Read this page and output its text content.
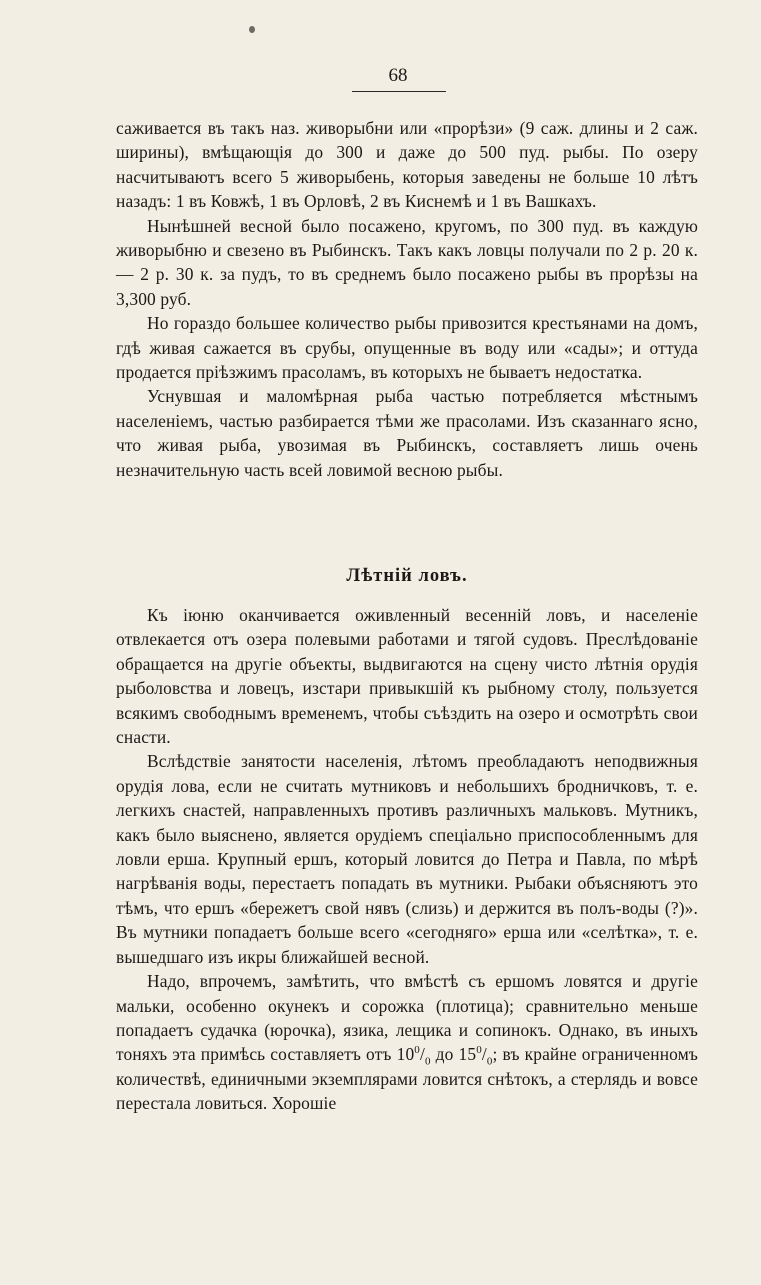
68

саживается въ такъ наз. живорыбни или «прорѣзи» (9 саж. длины и 2 саж. ширины), вмѣщающія до 300 и даже до 500 пуд. рыбы. По озеру насчитываютъ всего 5 живорыбень, которыя заведены не больше 10 лѣтъ назадъ: 1 въ Ковжѣ, 1 въ Орловѣ, 2 въ Киснемѣ и 1 въ Вашкахъ.

Нынѣшней весной было посажено, кругомъ, по 300 пуд. въ каждую живорыбню и свезено въ Рыбинскъ. Такъ какъ ловцы получали по 2 р. 20 к. — 2 р. 30 к. за пудъ, то въ среднемъ было посажено рыбы въ прорѣзы на 3,300 руб.

Но гораздо большее количество рыбы привозится крестьянами на домъ, гдѣ живая сажается въ срубы, опущенные въ воду или «сады»; и оттуда продается пріѣзжимъ прасоламъ, въ которыхъ не бываетъ недостатка.

Уснувшая и маломѣрная рыба частью потребляется мѣстнымъ населеніемъ, частью разбирается тѣми же прасолами. Изъ сказаннаго ясно, что живая рыба, увозимая въ Рыбинскъ, составляетъ лишь очень незначительную часть всей ловимой весною рыбы.

Лѣтній ловъ.

Къ іюню оканчивается оживленный весенній ловъ, и населеніе отвлекается отъ озера полевыми работами и тягой судовъ. Преслѣдованіе обращается на другіе объекты, выдвигаются на сцену чисто лѣтнія орудія рыболовства и ловецъ, изстари привыкшій къ рыбному столу, пользуется всякимъ свободнымъ временемъ, чтобы съѣздить на озеро и осмотрѣть свои снасти.

Вслѣдствіе занятости населенія, лѣтомъ преобладаютъ неподвижныя орудія лова, если не считать мутниковъ и небольшихъ бродничковъ, т. е. легкихъ снастей, направленныхъ противъ различныхъ мальковъ. Мутникъ, какъ было выяснено, является орудіемъ спеціально приспособленнымъ для ловли ерша. Крупный ершъ, который ловится до Петра и Павла, по мѣрѣ нагрѣванія воды, перестаетъ попадать въ мутники. Рыбаки объясняютъ это тѣмъ, что ершъ «бережетъ свой нявъ (слизь) и держится въ полъ-воды (?)». Въ мутники попадаетъ больше всего «сегодняго» ерша или «селѣтка», т. е. вышедшаго изъ икры ближайшей весной.

Надо, впрочемъ, замѣтить, что вмѣстѣ съ ершомъ ловятся и другіе мальки, особенно окунекъ и сорожка (плотица); сравнительно меньше попадаетъ судачка (юрочка), язика, лещика и сопинокъ. Однако, въ иныхъ тоняхъ эта примѣсь составляетъ отъ $10^0/_0$ до $15^0/_0$; въ крайне ограниченномъ количествѣ, единичными экземплярами ловится снѣтокъ, а стерлядь и вовсе перестала ловиться. Хорошіе
